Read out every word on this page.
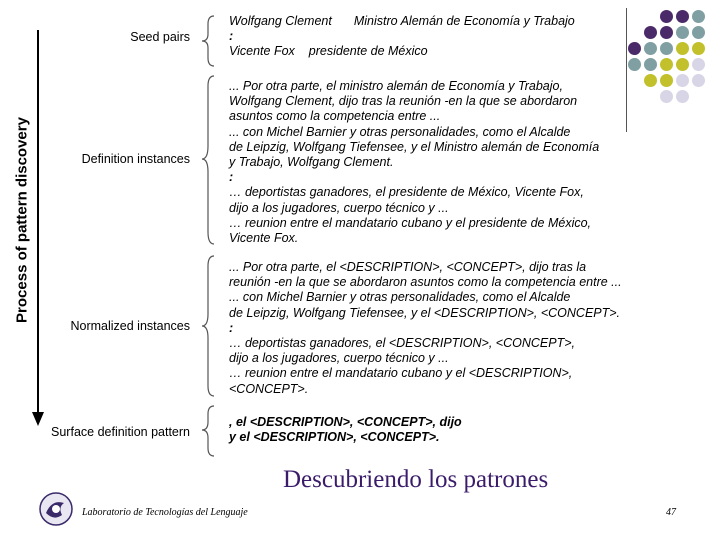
Process of pattern discovery
Seed pairs
Definition instances
Normalized instances
Surface definition pattern
Wolfgang Clement Ministro Alemán de Economía y Trabajo
:
Vicente Fox presidente de México
... Por otra parte, el ministro alemán de Economía y Trabajo,
Wolfgang Clement, dijo tras la reunión -en la que se abordaron
asuntos como la competencia entre ...
... con Michel Barnier y otras personalidades, como el Alcalde
de Leipzig, Wolfgang Tiefensee, y el Ministro alemán de Economía
y Trabajo, Wolfgang Clement.
:
… deportistas ganadores, el presidente de México, Vicente Fox,
dijo a los jugadores, cuerpo técnico y ...
… reunion entre el mandatario cubano y el presidente de México,
Vicente Fox.
... Por otra parte, el <DESCRIPTION>, <CONCEPT>, dijo tras la
reunión -en la que se abordaron asuntos como la competencia entre ...
... con Michel Barnier y otras personalidades, como el Alcalde
de Leipzig, Wolfgang Tiefensee, y el <DESCRIPTION>, <CONCEPT>.
:
… deportistas ganadores, el <DESCRIPTION>, <CONCEPT>,
dijo a los jugadores, cuerpo técnico y ...
… reunion entre el mandatario cubano y el <DESCRIPTION>,
<CONCEPT>.
, el <DESCRIPTION>, <CONCEPT>, dijo
y el <DESCRIPTION>, <CONCEPT>.
Descubriendo los patrones
Laboratorio de Tecnologías del Lenguaje	47
